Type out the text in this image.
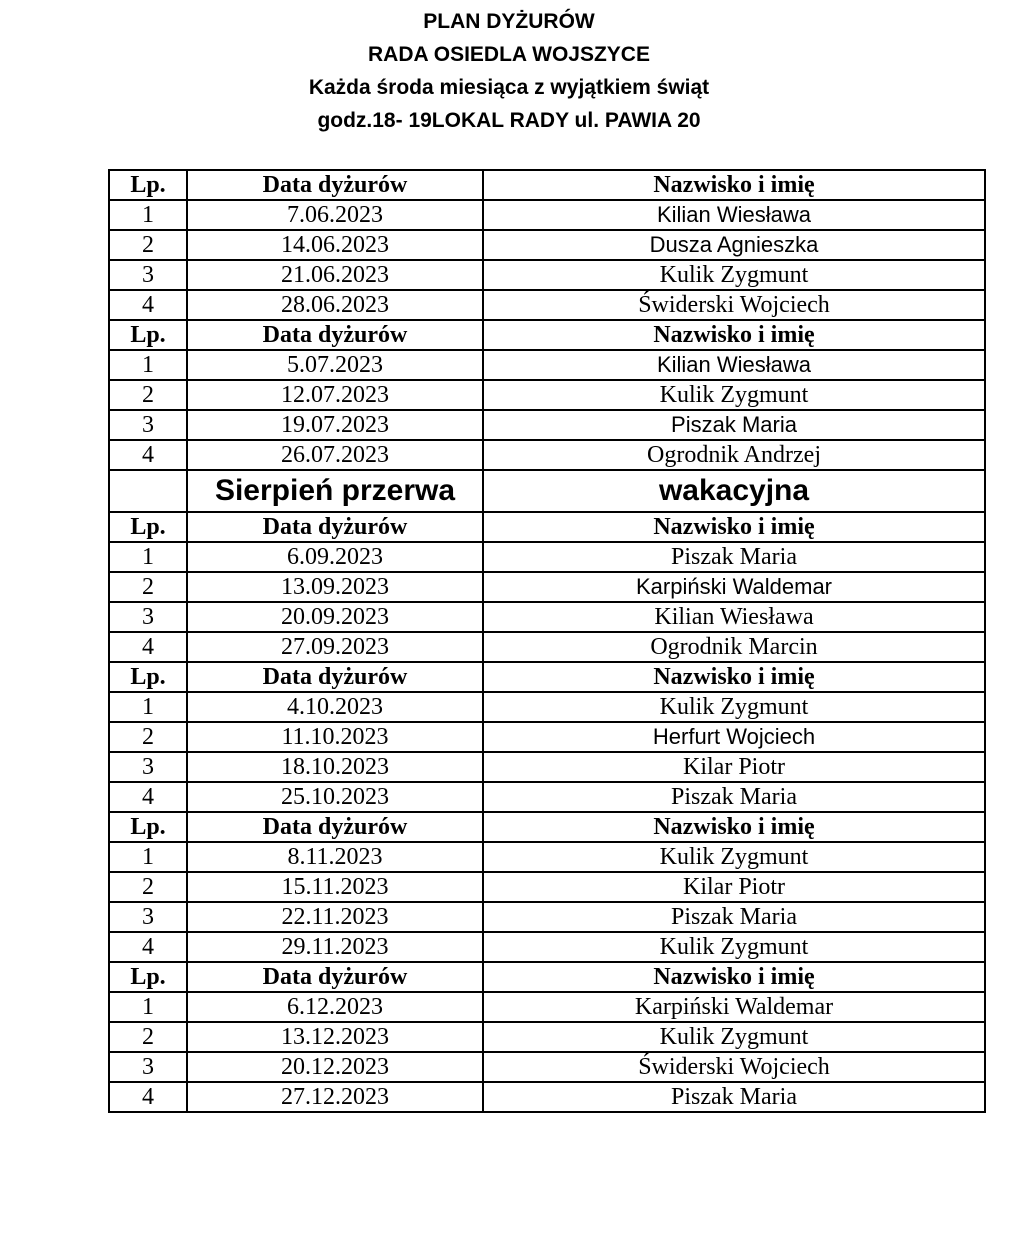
PLAN DYŻURÓW
RADA OSIEDLA WOJSZYCE
Każda środa miesiąca z wyjątkiem świąt
godz.18- 19LOKAL RADY ul. PAWIA 20
Lp.	Data dyżurów	Nazwisko i imię
1	7.06.2023	Kilian Wiesława
2	14.06.2023	Dusza Agnieszka
3	21.06.2023	Kulik Zygmunt
4	28.06.2023	Świderski Wojciech
Lp.	Data dyżurów	Nazwisko i imię
1	5.07.2023	Kilian Wiesława
2	12.07.2023	Kulik Zygmunt
3	19.07.2023	Piszak Maria
4	26.07.2023	Ogrodnik Andrzej
	Sierpień przerwa	wakacyjna
Lp.	Data dyżurów	Nazwisko i imię
1	6.09.2023	Piszak Maria
2	13.09.2023	Karpiński Waldemar
3	20.09.2023	Kilian Wiesława
4	27.09.2023	Ogrodnik Marcin
Lp.	Data dyżurów	Nazwisko i imię
1	4.10.2023	Kulik Zygmunt
2	11.10.2023	Herfurt Wojciech
3	18.10.2023	Kilar Piotr
4	25.10.2023	Piszak Maria
Lp.	Data dyżurów	Nazwisko i imię
1	8.11.2023	Kulik Zygmunt
2	15.11.2023	Kilar Piotr
3	22.11.2023	Piszak Maria
4	29.11.2023	Kulik Zygmunt
Lp.	Data dyżurów	Nazwisko i imię
1	6.12.2023	Karpiński Waldemar
2	13.12.2023	Kulik Zygmunt
3	20.12.2023	Świderski Wojciech
4	27.12.2023	Piszak Maria
